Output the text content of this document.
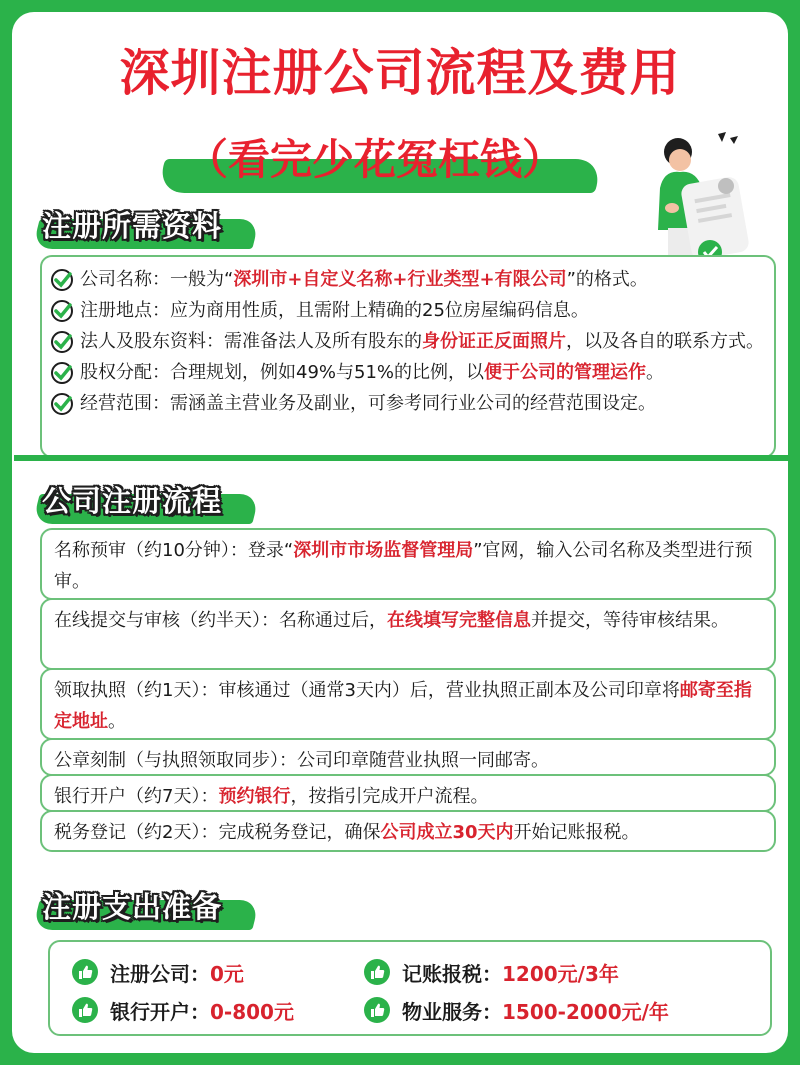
深圳注册公司流程及费用
（看完少花冤枉钱）
注册所需资料
公司名称：一般为“深圳市+自定义名称+行业类型+有限公司”的格式。
注册地点：应为商用性质，且需附上精确的25位房屋编码信息。
法人及股东资料：需准备法人及所有股东的身份证正反面照片，以及各自的联系方式。
股权分配：合理规划，例如49%与51%的比例，以便于公司的管理运作。
经营范围：需涵盖主营业务及副业，可参考同行业公司的经营范围设定。
公司注册流程
名称预审（约10分钟）：登录“深圳市市场监督管理局”官网，输入公司名称及类型进行预审。
在线提交与审核（约半天）：名称通过后，在线填写完整信息并提交，等待审核结果。
领取执照（约1天）：审核通过（通常3天内）后，营业执照正副本及公司印章将邮寄至指定地址。
公章刻制（与执照领取同步）：公司印章随营业执照一同邮寄。
银行开户（约7天）：预约银行，按指引完成开户流程。
税务登记（约2天）：完成税务登记，确保公司成立30天内开始记账报税。
注册支出准备
注册公司： 0元	记账报税： 1200元/3年
银行开户： 0-800元	物业服务： 1500-2000元/年
